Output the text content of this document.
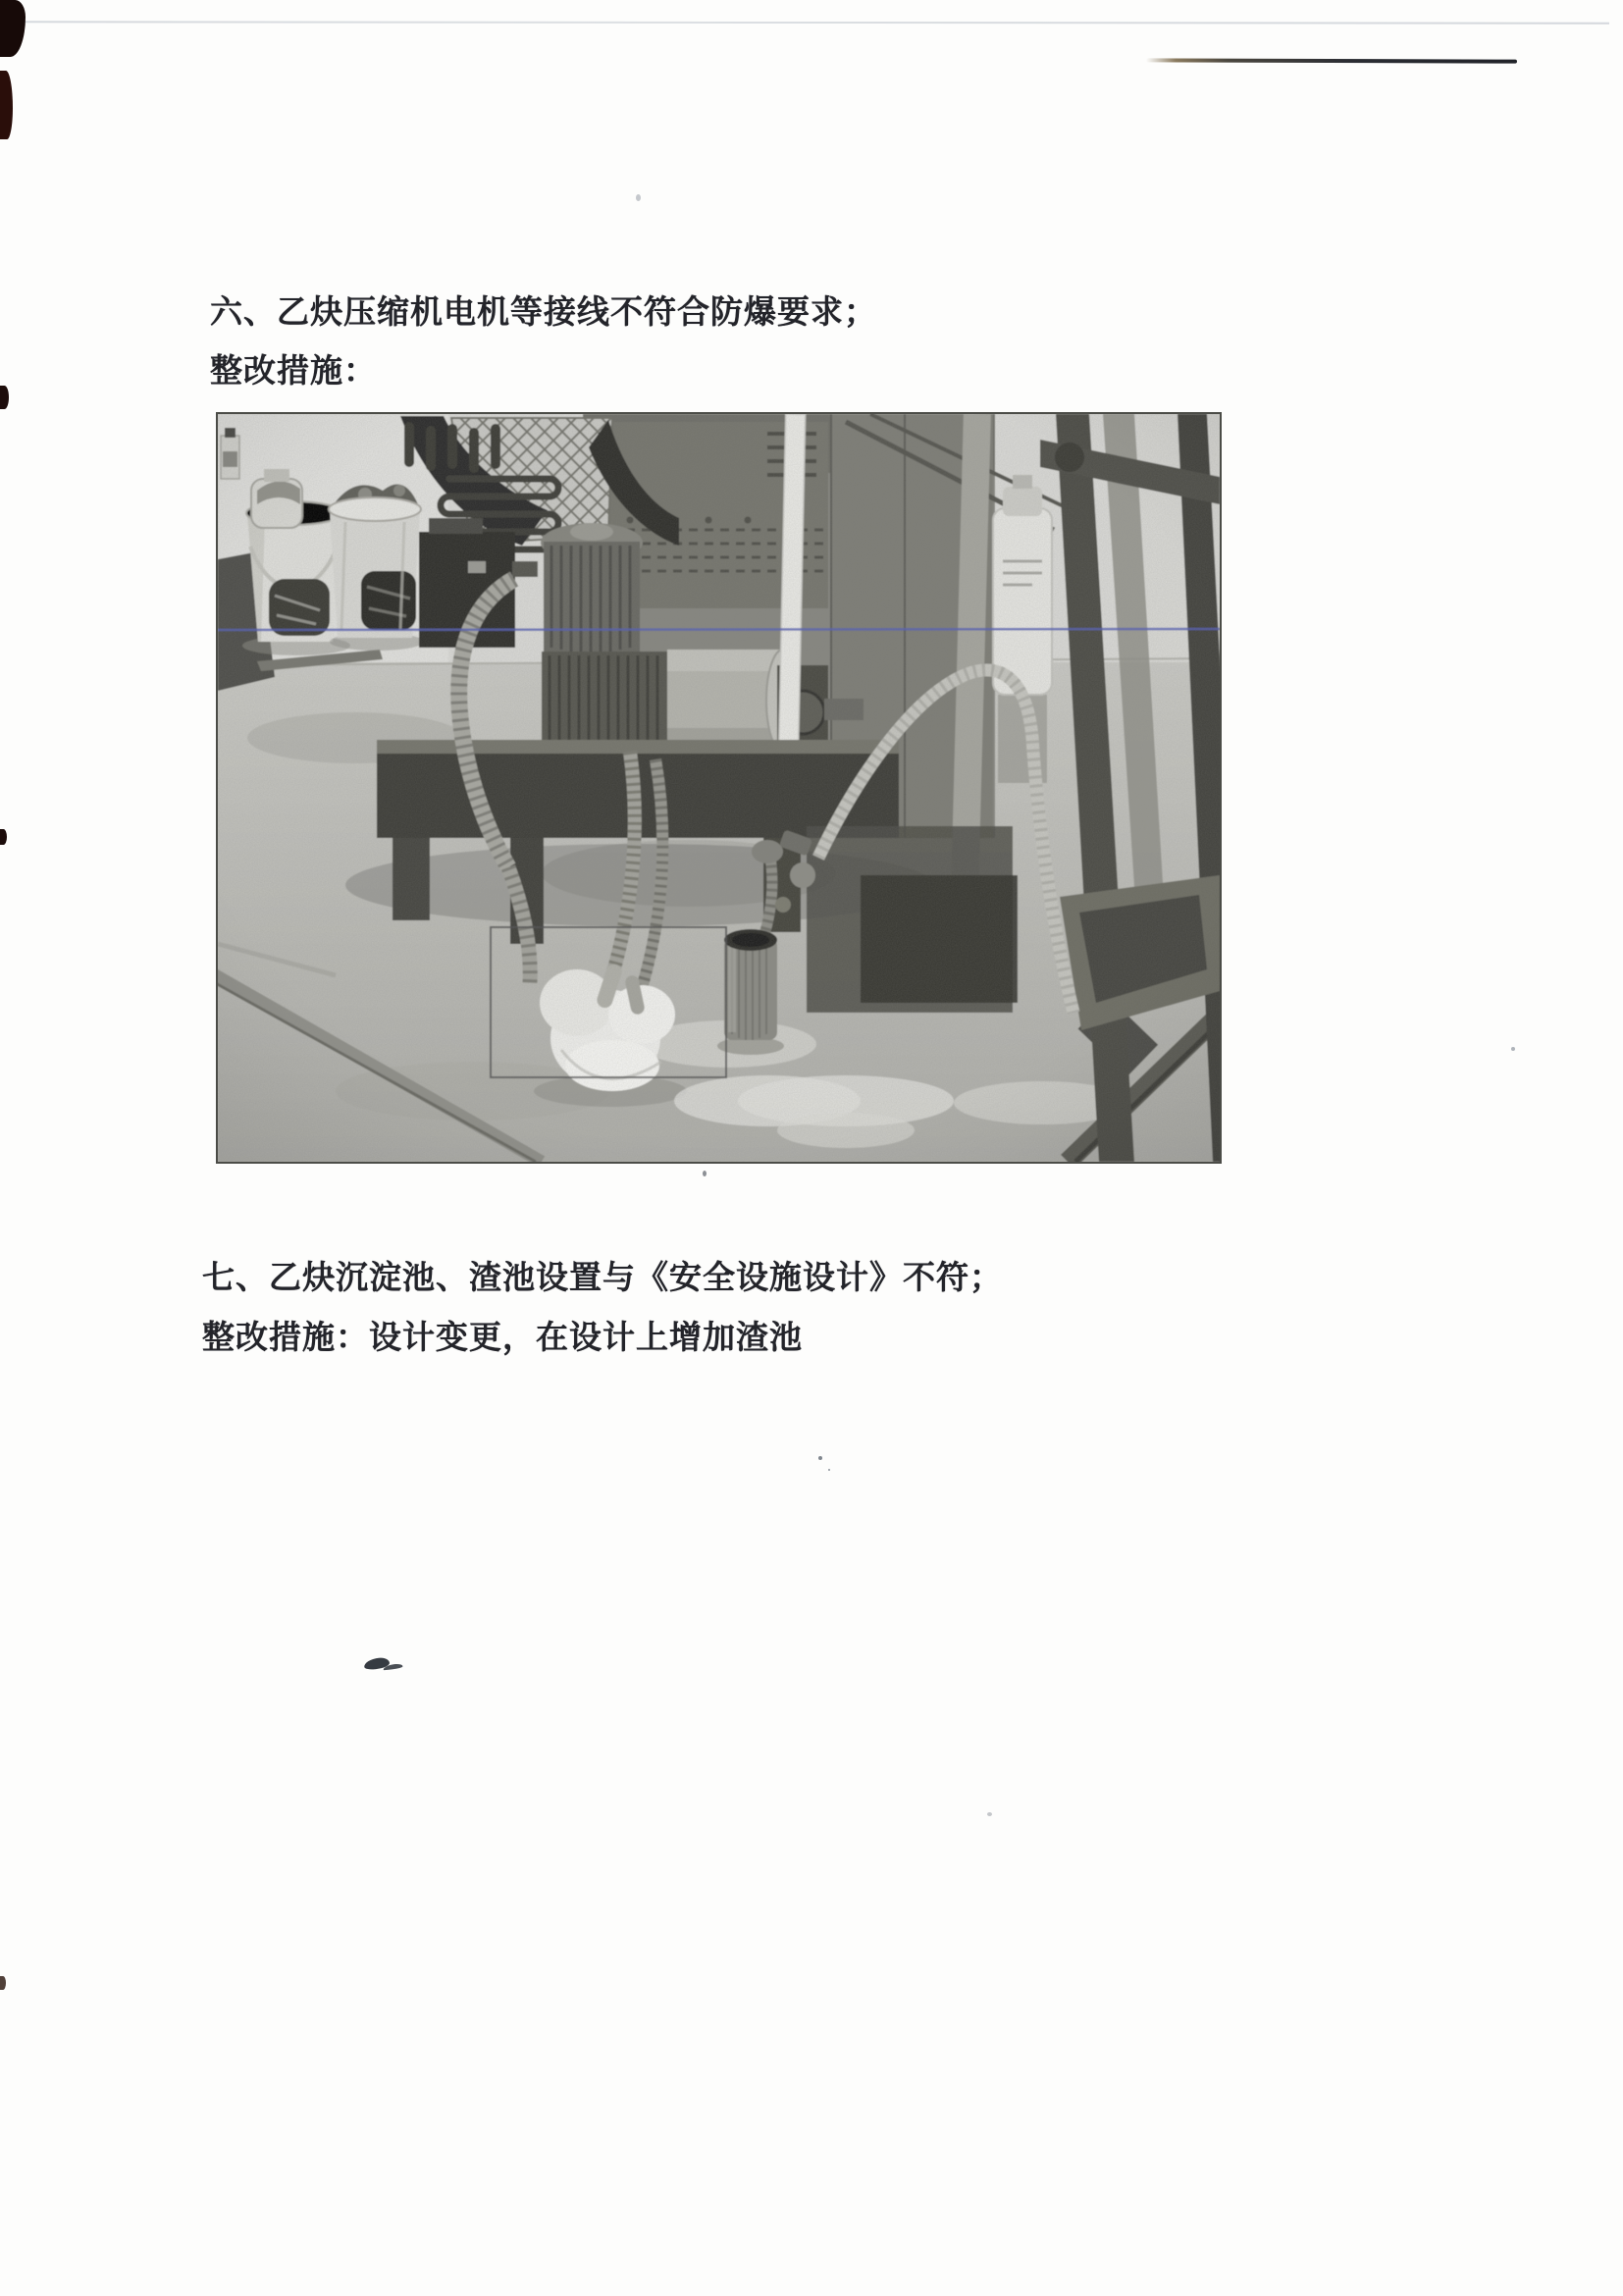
六、乙炔压缩机电机等接线不符合防爆要求；
整改措施：
七、乙炔沉淀池、渣池设置与《安全设施设计》不符；
整改措施：设计变更，在设计上增加渣池
